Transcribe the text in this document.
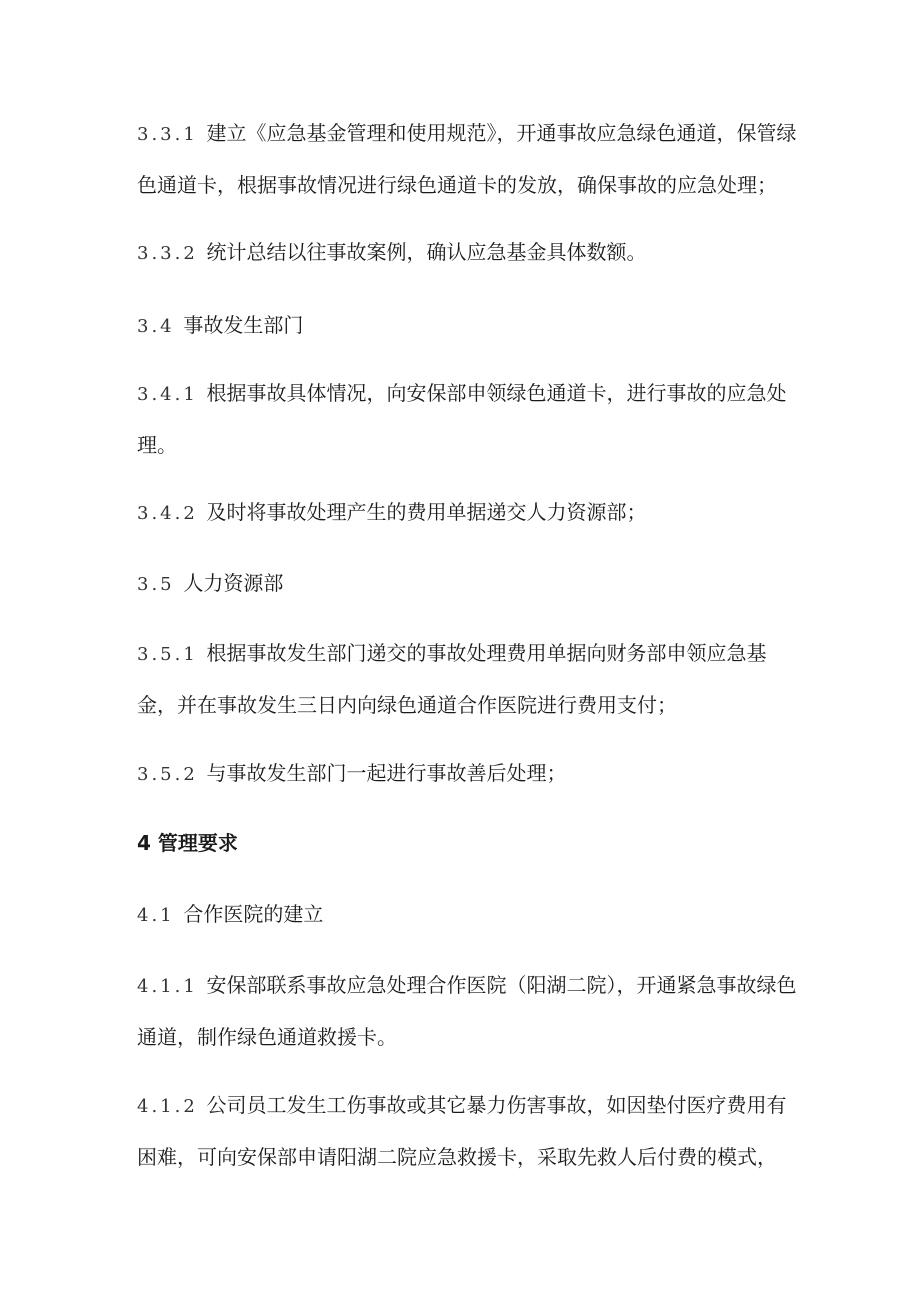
3.3.1 建立《应急基金管理和使用规范》，开通事故应急绿色通道，保管绿色通道卡，根据事故情况进行绿色通道卡的发放，确保事故的应急处理；

3.3.2 统计总结以往事故案例，确认应急基金具体数额。

3.4 事故发生部门

3.4.1 根据事故具体情况，向安保部申领绿色通道卡，进行事故的应急处理。

3.4.2 及时将事故处理产生的费用单据递交人力资源部；

3.5 人力资源部

3.5.1 根据事故发生部门递交的事故处理费用单据向财务部申领应急基金，并在事故发生三日内向绿色通道合作医院进行费用支付；

3.5.2 与事故发生部门一起进行事故善后处理；

4 管理要求

4.1 合作医院的建立

4.1.1 安保部联系事故应急处理合作医院（阳湖二院），开通紧急事故绿色通道，制作绿色通道救援卡。

4.1.2 公司员工发生工伤事故或其它暴力伤害事故，如因垫付医疗费用有困难，可向安保部申请阳湖二院应急救援卡，采取先救人后付费的模式，
